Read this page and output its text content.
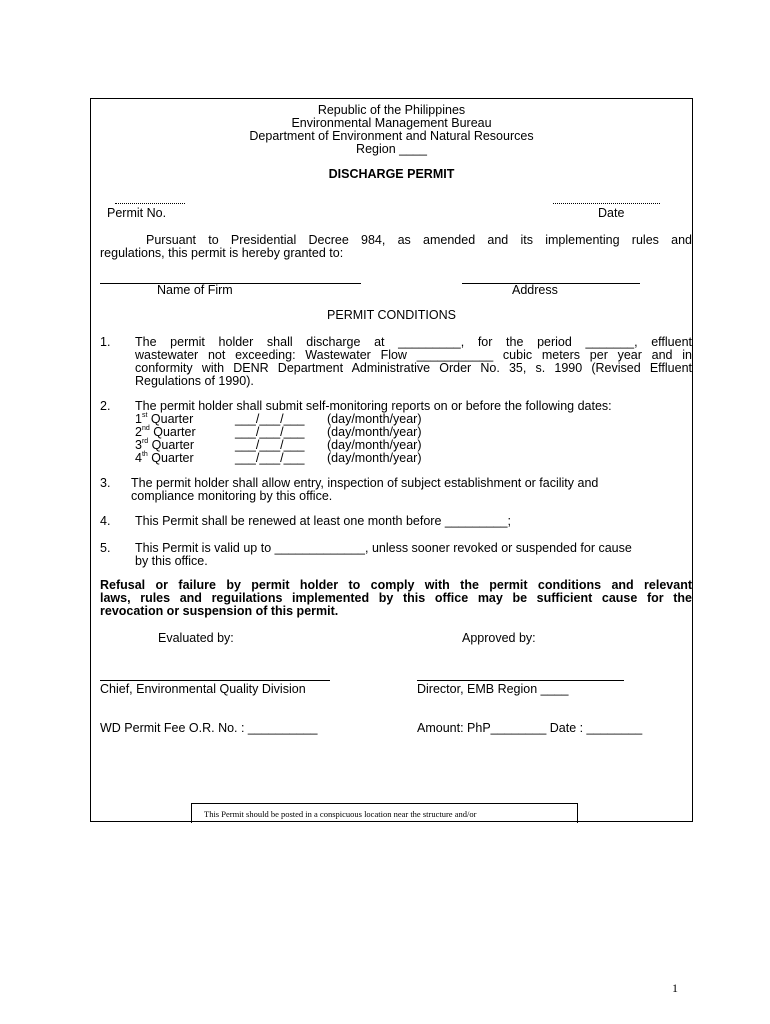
Republic of the Philippines
Environmental Management Bureau
Department of Environment and Natural Resources
Region ____
DISCHARGE PERMIT
Permit No.	Date
Pursuant to Presidential Decree 984, as amended and its implementing rules and
regulations, this permit is hereby granted to:
Name of Firm	Address
PERMIT CONDITIONS
1. The permit holder shall discharge at _________, for the period _______, effluent
wastewater not exceeding: Wastewater Flow ___________ cubic meters per year and in
conformity with DENR Department Administrative Order No. 35, s. 1990 (Revised Effluent
Regulations of 1990).
2. The permit holder shall submit self-monitoring reports on or before the following dates:
1st Quarter	___/___/___ (day/month/year)
2nd Quarter	___/___/___ (day/month/year)
3rd Quarter	___/___/___ (day/month/year)
4th Quarter	___/___/___ (day/month/year)
3. The permit holder shall allow entry, inspection of subject establishment or facility and
compliance monitoring by this office.
4. This Permit shall be renewed at least one month before _________;
5. This Permit is valid up to _____________, unless sooner revoked or suspended for cause
by this office.
Refusal or failure by permit holder to comply with the permit conditions and relevant
laws, rules and reguilations implemented by this office may be sufficient cause for the
revocation or suspension of this permit.
Evaluated by:	Approved by:
Chief, Environmental Quality Division	Director, EMB Region ____
WD Permit Fee O.R. No. : __________	Amount: PhP________ Date : ________
This Permit should be posted in a conspicuous location near the structure and/or
1
